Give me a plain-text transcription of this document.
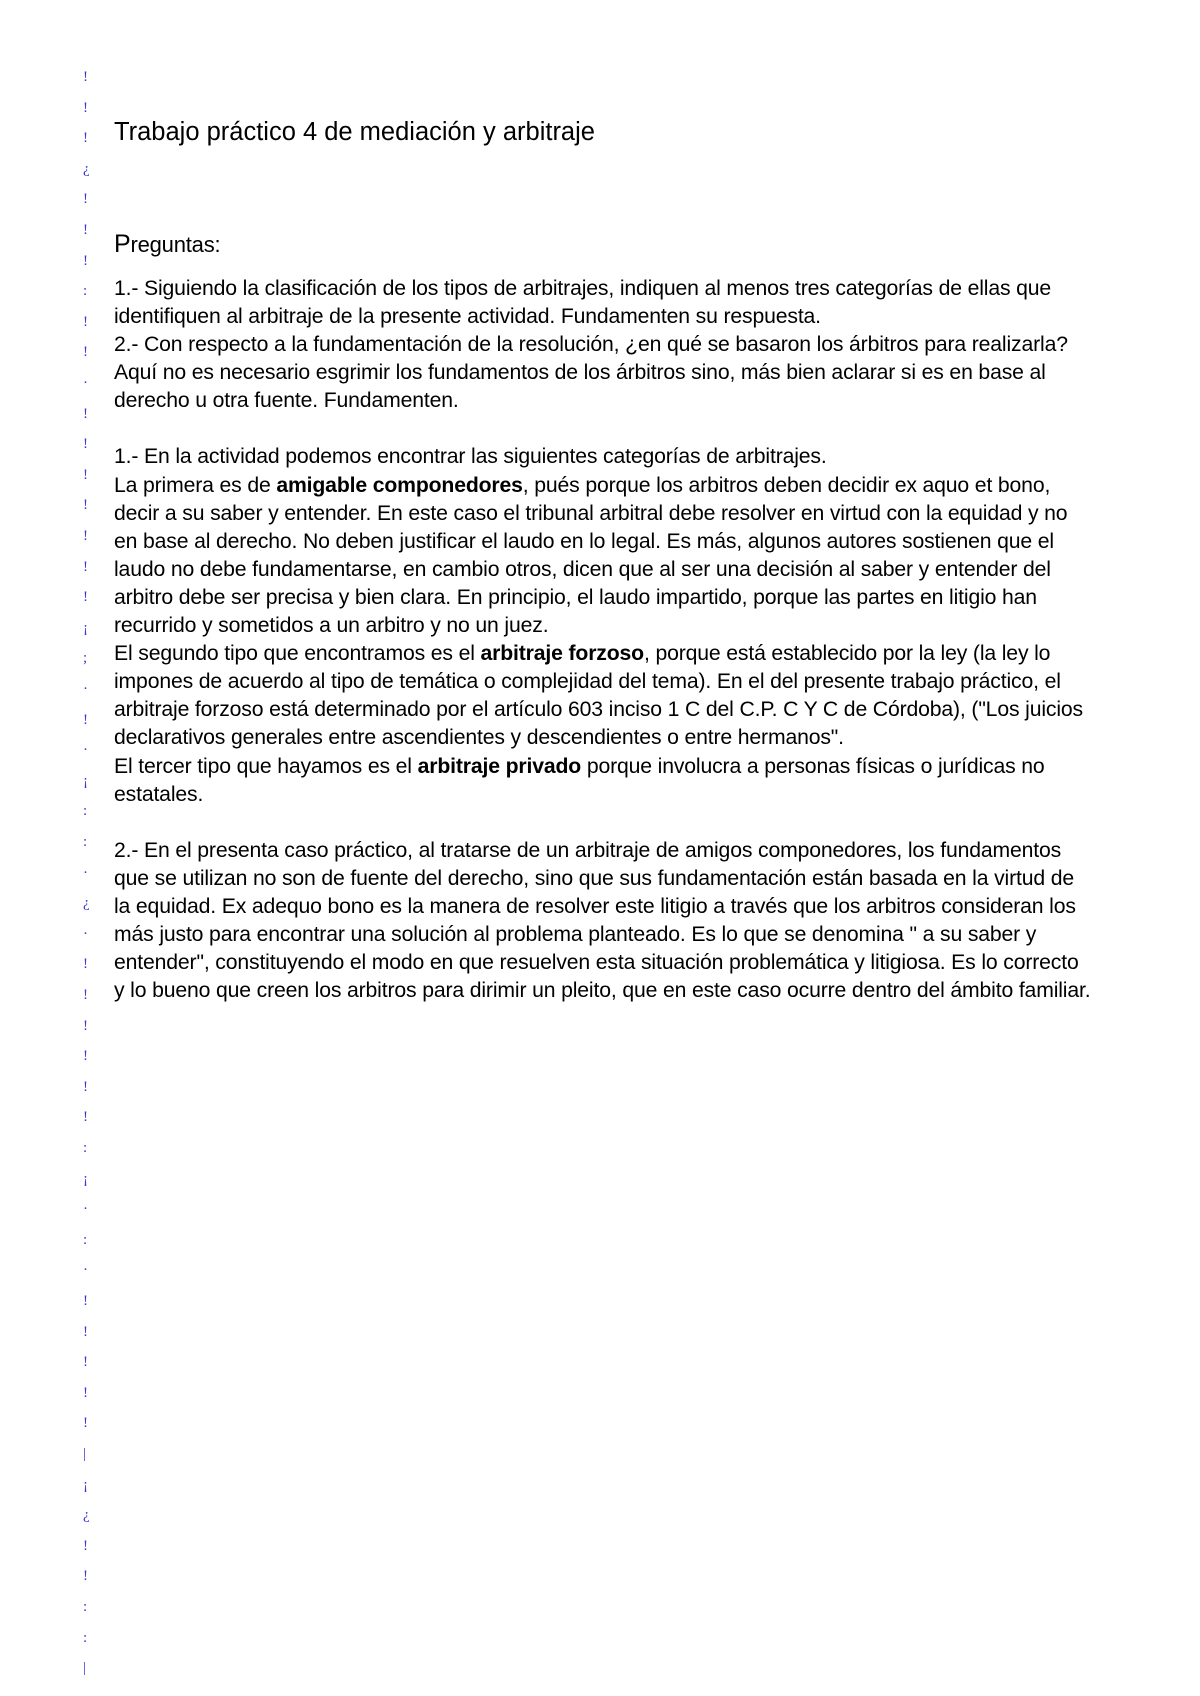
!
!
!
¿
!
!
!
:
!
!
·
!
!
!
!
!
!
!
¡
;
·
!
·
¡
:
:
·
¿
·
!
!
!
!
!
!
:
¡
·
:
·
!
!
!
!
!
|
¡
¿
!
!
:
:
|
Trabajo práctico 4 de mediación y arbitraje
Preguntas:

1.- Siguiendo la clasificación de los tipos de arbitrajes, indiquen al menos tres categorías de ellas que identifiquen al arbitraje de la presente actividad. Fundamenten su respuesta.

2.- Con respecto a la fundamentación de la resolución, ¿en qué se basaron los árbitros para realizarla? Aquí no es necesario esgrimir los fundamentos de los árbitros sino, más bien aclarar si es en base al derecho u otra fuente. Fundamenten.

1.- En la actividad podemos encontrar las siguientes categorías de arbitrajes.

La primera es de amigable componedores, pués porque los arbitros deben decidir ex aquo et bono, decir a su saber y entender. En este caso el tribunal arbitral debe resolver en virtud con la equidad y no en base al derecho. No deben justificar el laudo en lo legal. Es más, algunos autores sostienen que el laudo no debe fundamentarse, en cambio otros, dicen que al ser una decisión al saber y entender del arbitro debe ser precisa y bien clara. En principio, el laudo impartido, porque las partes en litigio han recurrido y sometidos a un arbitro y no un juez.

El segundo tipo que encontramos es el arbitraje forzoso, porque está establecido por la ley (la ley lo impones de acuerdo al tipo de temática o complejidad del tema). En el del presente trabajo práctico, el arbitraje forzoso está determinado por el artículo 603 inciso 1 C del C.P. C Y C de Córdoba), ("Los juicios declarativos generales entre ascendientes y descendientes o entre hermanos".

El tercer tipo que hayamos es el arbitraje privado porque involucra a personas físicas o jurídicas no estatales.

2.- En el presenta caso práctico, al tratarse de un arbitraje de amigos componedores, los fundamentos que se utilizan no son de fuente del derecho, sino que sus fundamentación están basada en la virtud de la equidad. Ex adequo bono es la manera de resolver este litigio a través que los arbitros consideran los más justo para encontrar una solución al problema planteado. Es lo que se denomina " a su saber y entender", constituyendo el modo en que resuelven esta situación problemática y litigiosa. Es lo correcto y lo bueno que creen los arbitros para dirimir un pleito, que en este caso ocurre dentro del ámbito familiar.
